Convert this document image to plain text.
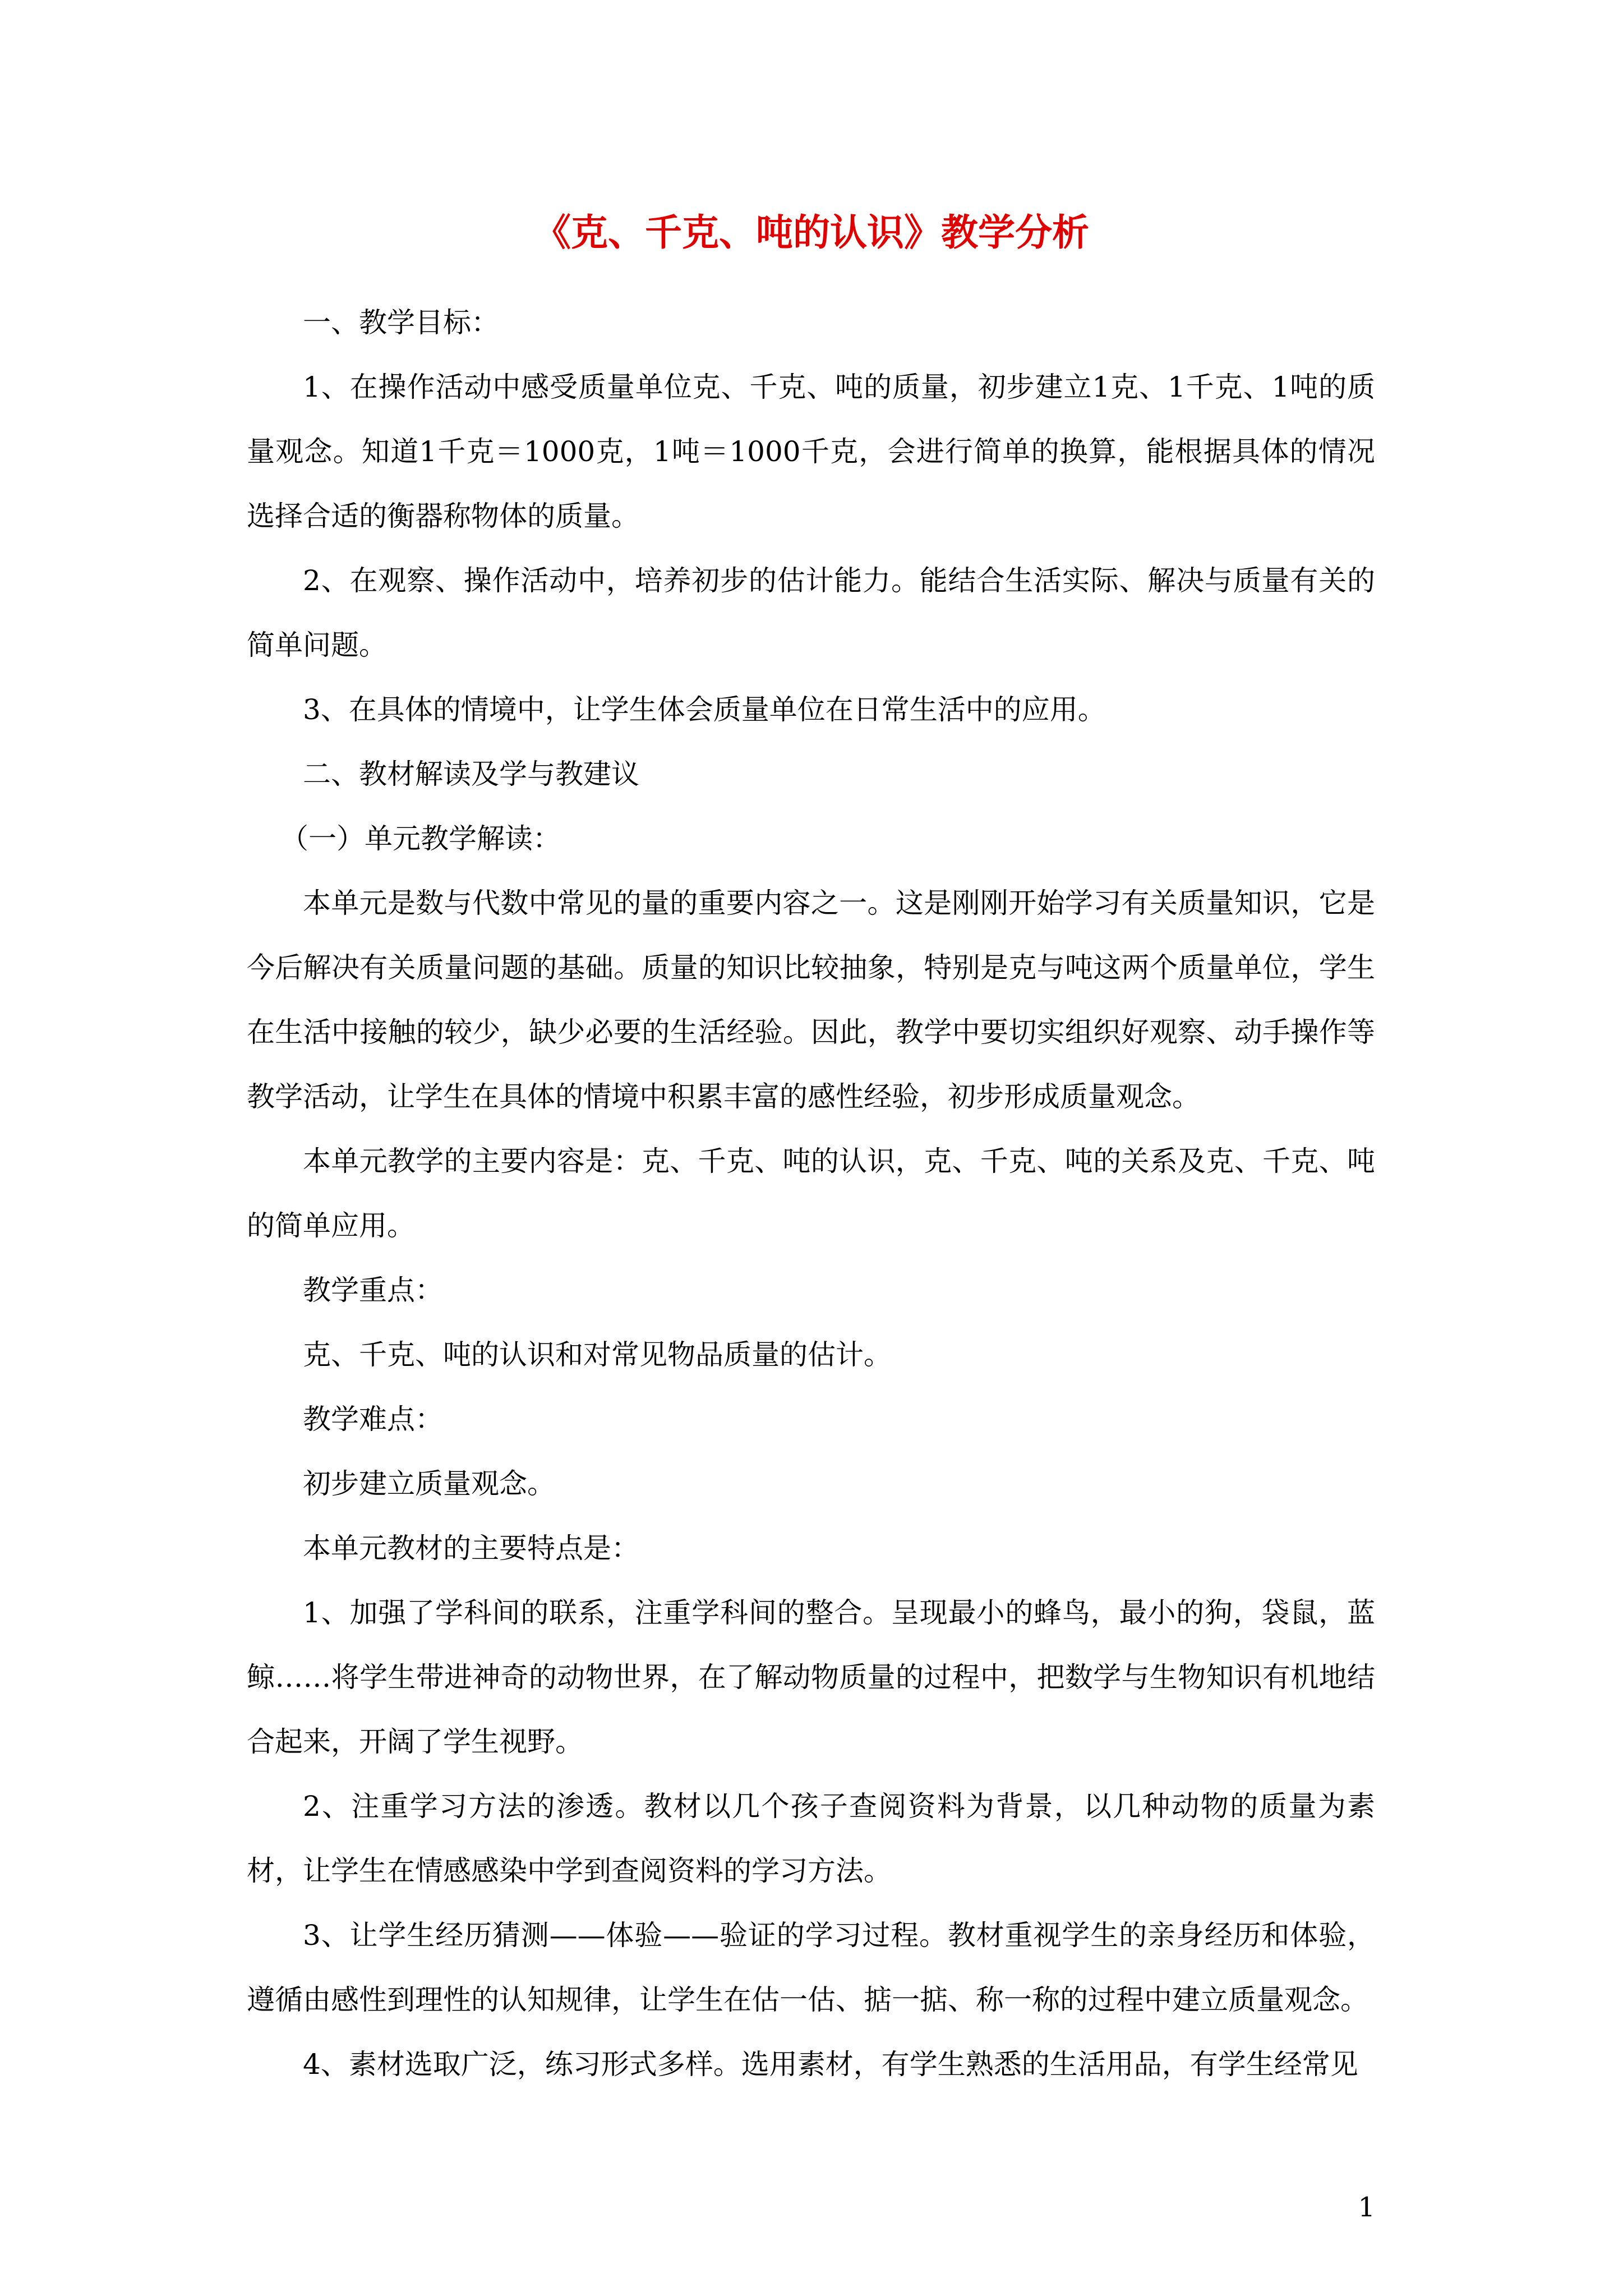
《克、千克、吨的认识》教学分析

一、教学目标：

1、在操作活动中感受质量单位克、千克、吨的质量，初步建立1克、1千克、1吨的质量观念。知道1千克＝1000克，1吨＝1000千克，会进行简单的换算，能根据具体的情况选择合适的衡器称物体的质量。

2、在观察、操作活动中，培养初步的估计能力。能结合生活实际、解决与质量有关的简单问题。

3、在具体的情境中，让学生体会质量单位在日常生活中的应用。

二、教材解读及学与教建议

（一）单元教学解读：

本单元是数与代数中常见的量的重要内容之一。这是刚刚开始学习有关质量知识，它是今后解决有关质量问题的基础。质量的知识比较抽象，特别是克与吨这两个质量单位，学生在生活中接触的较少，缺少必要的生活经验。因此，教学中要切实组织好观察、动手操作等教学活动，让学生在具体的情境中积累丰富的感性经验，初步形成质量观念。

本单元教学的主要内容是：克、千克、吨的认识，克、千克、吨的关系及克、千克、吨的简单应用。

教学重点：

克、千克、吨的认识和对常见物品质量的估计。

教学难点：

初步建立质量观念。

本单元教材的主要特点是：

1、加强了学科间的联系，注重学科间的整合。呈现最小的蜂鸟，最小的狗，袋鼠，蓝鲸……将学生带进神奇的动物世界，在了解动物质量的过程中，把数学与生物知识有机地结合起来，开阔了学生视野。

2、注重学习方法的渗透。教材以几个孩子查阅资料为背景，以几种动物的质量为素材，让学生在情感感染中学到查阅资料的学习方法。

3、让学生经历猜测——体验——验证的学习过程。教材重视学生的亲身经历和体验，遵循由感性到理性的认知规律，让学生在估一估、掂一掂、称一称的过程中建立质量观念。

4、素材选取广泛，练习形式多样。选用素材，有学生熟悉的生活用品，有学生经常见

1
